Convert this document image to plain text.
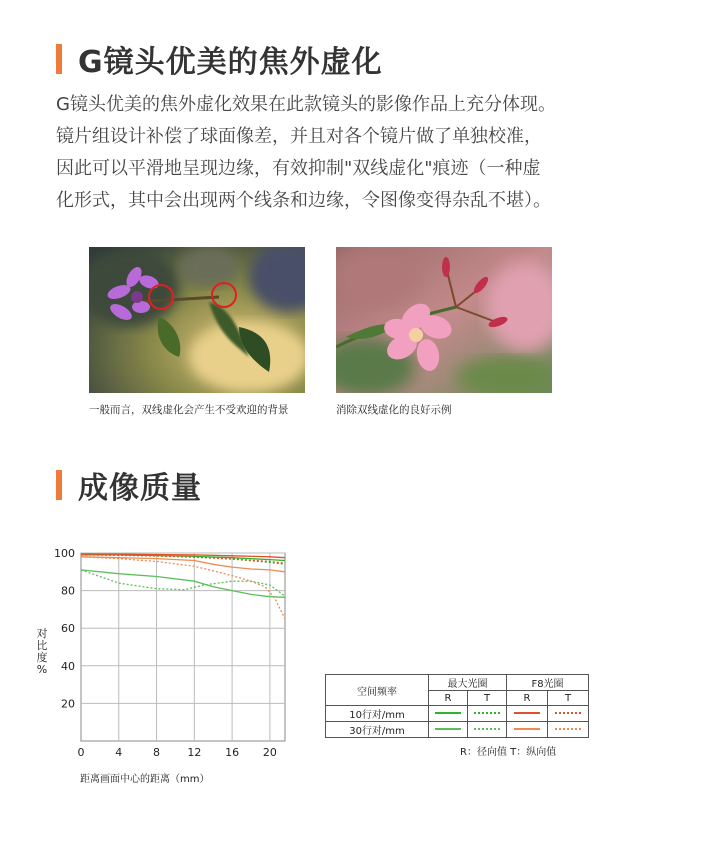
G镜头优美的焦外虚化
G镜头优美的焦外虚化效果在此款镜头的影像作品上充分体现。
镜片组设计补偿了球面像差，并且对各个镜片做了单独校准，
因此可以平滑地呈现边缘，有效抑制"双线虚化"痕迹（一种虚
化形式，其中会出现两个线条和边缘，令图像变得杂乱不堪）。
一般而言，双线虚化会产生不受欢迎的背景	消除双线虚化的良好示例
成像质量
20
40
60
80
100
0	4	8 12 16 20
对比度%
距离画面中心的距离（mm）
空间频率	最大光圈		F8光圈	
	R	T	R	T
10行对/mm				
30行对/mm				
R：径向值 T：纵向值
